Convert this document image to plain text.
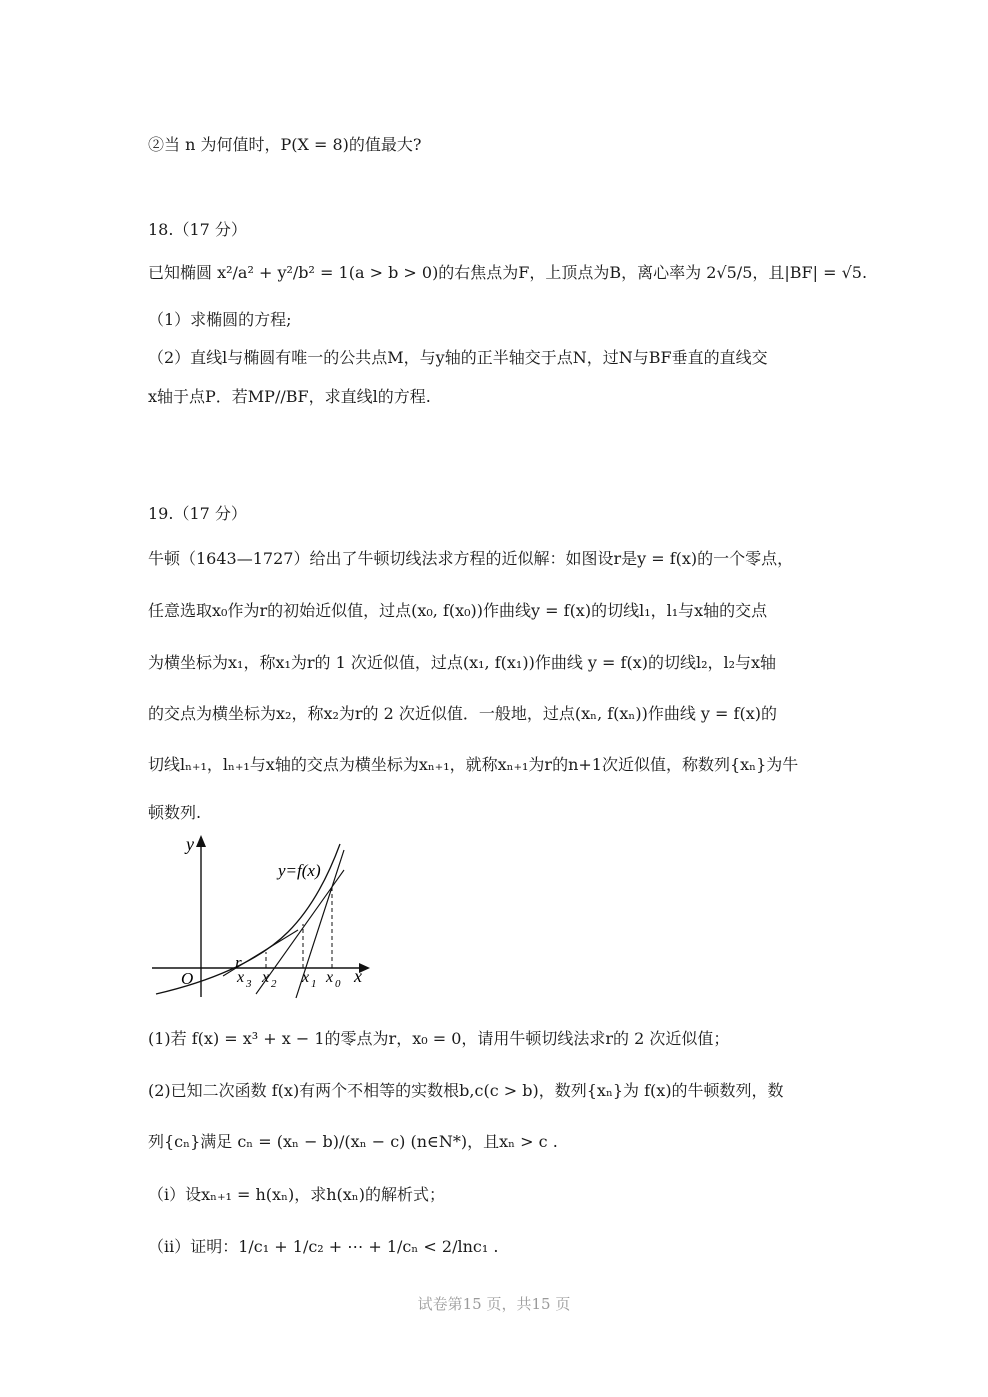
②当 n 为何值时，P(X = 8)的值最大?
18.（17 分）
已知椭圆 x²/a² + y²/b² = 1(a > b > 0)的右焦点为F，上顶点为B，离心率为 2√5/5，且|BF| = √5.
（1）求椭圆的方程;
（2）直线l与椭圆有唯一的公共点M，与y轴的正半轴交于点N，过N与BF垂直的直线交
x轴于点P．若MP//BF，求直线l的方程.
19.（17 分）
牛顿（1643—1727）给出了牛顿切线法求方程的近似解：如图设r是y = f(x)的一个零点，
任意选取x₀作为r的初始近似值，过点(x₀, f(x₀))作曲线y = f(x)的切线l₁，l₁与x轴的交点
为横坐标为x₁，称x₁为r的 1 次近似值，过点(x₁, f(x₁))作曲线 y = f(x)的切线l₂，l₂与x轴
的交点为横坐标为x₂，称x₂为r的 2 次近似值．一般地，过点(xₙ, f(xₙ))作曲线 y = f(x)的
切线lₙ₊₁，lₙ₊₁与x轴的交点为横坐标为xₙ₊₁，就称xₙ₊₁为r的n+1次近似值，称数列{xₙ}为牛
顿数列.
y
x
O
y=f(x)
r
x 3 x 2 x 1 x 0
(1)若 f(x) = x³ + x − 1的零点为r，x₀ = 0，请用牛顿切线法求r的 2 次近似值；
(2)已知二次函数 f(x)有两个不相等的实数根b,c(c > b)，数列{xₙ}为 f(x)的牛顿数列，数
列{cₙ}满足 cₙ = (xₙ − b)/(xₙ − c) (n∈N*)，且xₙ > c .
（ⅰ）设xₙ₊₁ = h(xₙ)，求h(xₙ)的解析式；
（ⅱ）证明：1/c₁ + 1/c₂ + ⋯ + 1/cₙ < 2/lnc₁ .
试卷第15 页，共15 页
